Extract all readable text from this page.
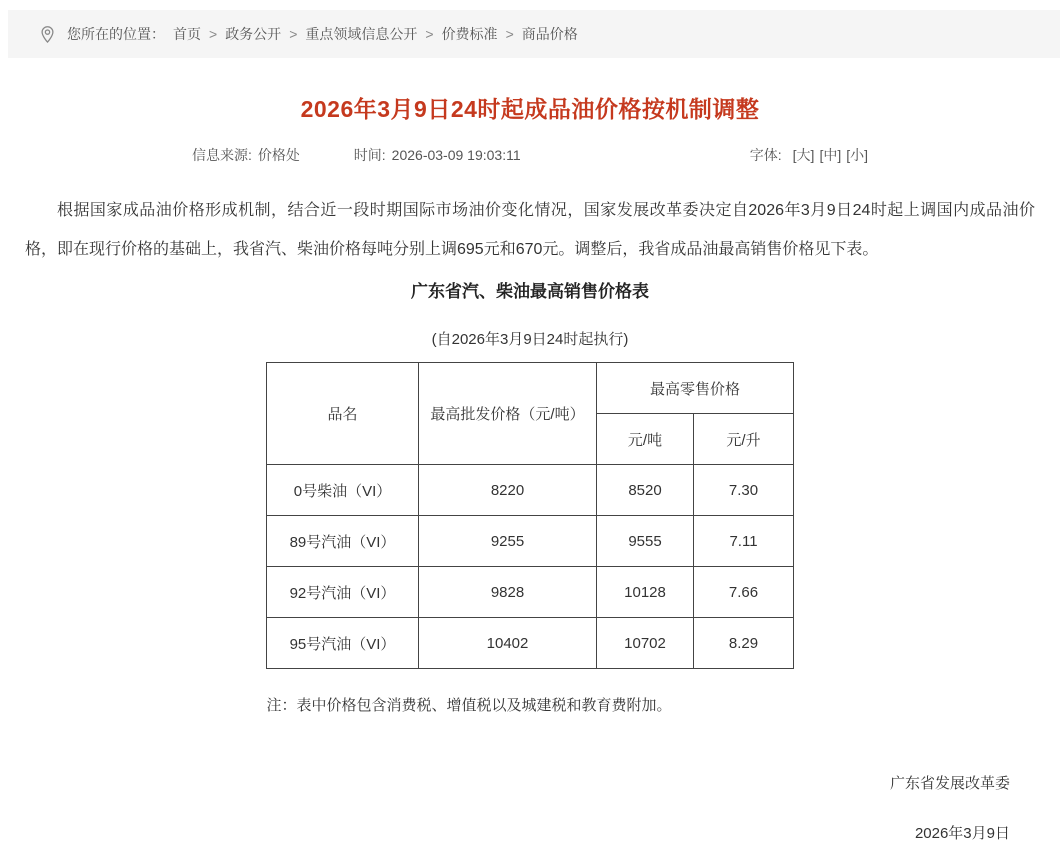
您所在的位置： 首页 > 政务公开 > 重点领域信息公开 > 价费标准 > 商品价格
2026年3月9日24时起成品油价格按机制调整
信息来源: 价格处	时间: 2026-03-09 19:03:11	字体: [大] [中] [小]

根据国家成品油价格形成机制，结合近一段时期国际市场油价变化情况，国家发展改革委决定自2026年3月9日24时起上调国内成品油价格，即在现行价格的基础上，我省汽、柴油价格每吨分别上调695元和670元。调整后，我省成品油最高销售价格见下表。

广东省汽、柴油最高销售价格表
(自2026年3月9日24时起执行)
品名	最高批发价格（元/吨）	最高零售价格	
		元/吨	元/升
0号柴油（VI）	8220	8520	7.30
89号汽油（VI）	9255	9555	7.11
92号汽油（VI）	9828	10128	7.66
95号汽油（VI）	10402	10702	8.29

注：表中价格包含消费税、增值税以及城建税和教育费附加。

广东省发展改革委
2026年3月9日
